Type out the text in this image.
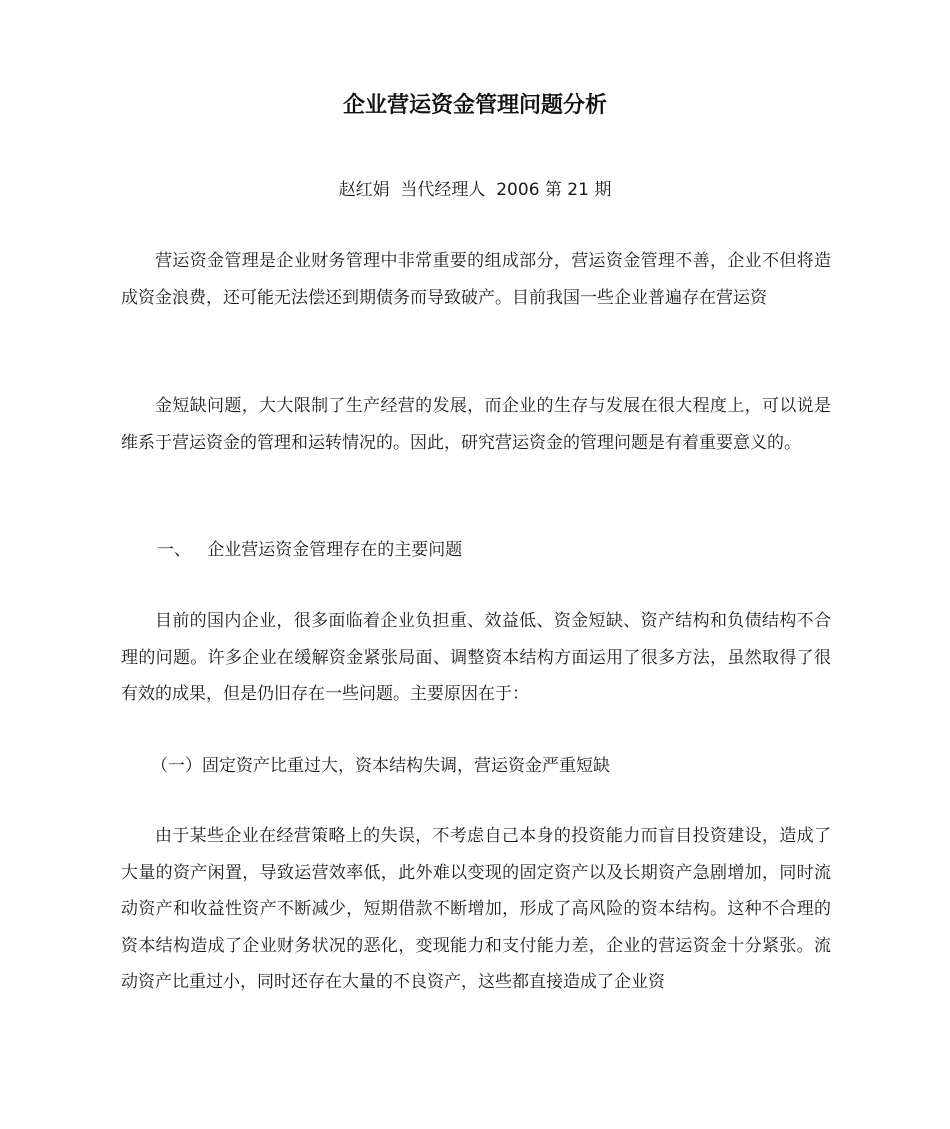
企业营运资金管理问题分析
赵红娟  当代经理人  2006 第 21 期

营运资金管理是企业财务管理中非常重要的组成部分，营运资金管理不善，企业不但将造成资金浪费，还可能无法偿还到期债务而导致破产。目前我国一些企业普遍存在营运资

金短缺问题，大大限制了生产经营的发展，而企业的生存与发展在很大程度上，可以说是维系于营运资金的管理和运转情况的。因此，研究营运资金的管理问题是有着重要意义的。

一、   企业营运资金管理存在的主要问题

目前的国内企业，很多面临着企业负担重、效益低、资金短缺、资产结构和负债结构不合理的问题。许多企业在缓解资金紧张局面、调整资本结构方面运用了很多方法，虽然取得了很有效的成果，但是仍旧存在一些问题。主要原因在于：

（一）固定资产比重过大，资本结构失调，营运资金严重短缺

由于某些企业在经营策略上的失误，不考虑自己本身的投资能力而盲目投资建设，造成了大量的资产闲置，导致运营效率低，此外难以变现的固定资产以及长期资产急剧增加，同时流动资产和收益性资产不断减少，短期借款不断增加，形成了高风险的资本结构。这种不合理的资本结构造成了企业财务状况的恶化，变现能力和支付能力差，企业的营运资金十分紧张。流动资产比重过小，同时还存在大量的不良资产，这些都直接造成了企业资
